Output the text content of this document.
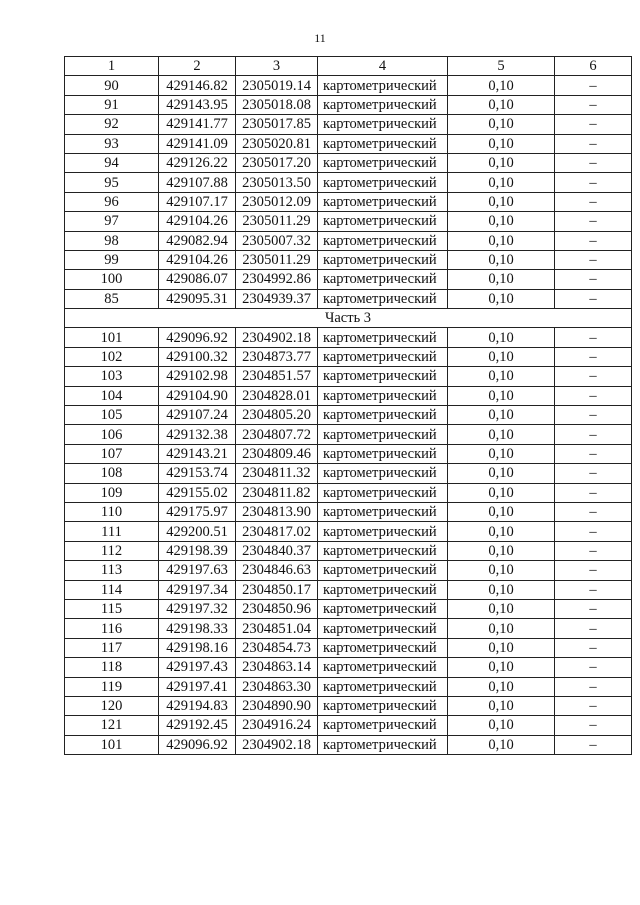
11
1	2	3	4	5	6
90	429146.82	2305019.14	картометрический	0,10	–
91	429143.95	2305018.08	картометрический	0,10	–
92	429141.77	2305017.85	картометрический	0,10	–
93	429141.09	2305020.81	картометрический	0,10	–
94	429126.22	2305017.20	картометрический	0,10	–
95	429107.88	2305013.50	картометрический	0,10	–
96	429107.17	2305012.09	картометрический	0,10	–
97	429104.26	2305011.29	картометрический	0,10	–
98	429082.94	2305007.32	картометрический	0,10	–
99	429104.26	2305011.29	картометрический	0,10	–
100	429086.07	2304992.86	картометрический	0,10	–
85	429095.31	2304939.37	картометрический	0,10	–
Часть 3					
101	429096.92	2304902.18	картометрический	0,10	–
102	429100.32	2304873.77	картометрический	0,10	–
103	429102.98	2304851.57	картометрический	0,10	–
104	429104.90	2304828.01	картометрический	0,10	–
105	429107.24	2304805.20	картометрический	0,10	–
106	429132.38	2304807.72	картометрический	0,10	–
107	429143.21	2304809.46	картометрический	0,10	–
108	429153.74	2304811.32	картометрический	0,10	–
109	429155.02	2304811.82	картометрический	0,10	–
110	429175.97	2304813.90	картометрический	0,10	–
111	429200.51	2304817.02	картометрический	0,10	–
112	429198.39	2304840.37	картометрический	0,10	–
113	429197.63	2304846.63	картометрический	0,10	–
114	429197.34	2304850.17	картометрический	0,10	–
115	429197.32	2304850.96	картометрический	0,10	–
116	429198.33	2304851.04	картометрический	0,10	–
117	429198.16	2304854.73	картометрический	0,10	–
118	429197.43	2304863.14	картометрический	0,10	–
119	429197.41	2304863.30	картометрический	0,10	–
120	429194.83	2304890.90	картометрический	0,10	–
121	429192.45	2304916.24	картометрический	0,10	–
101	429096.92	2304902.18	картометрический	0,10	–
